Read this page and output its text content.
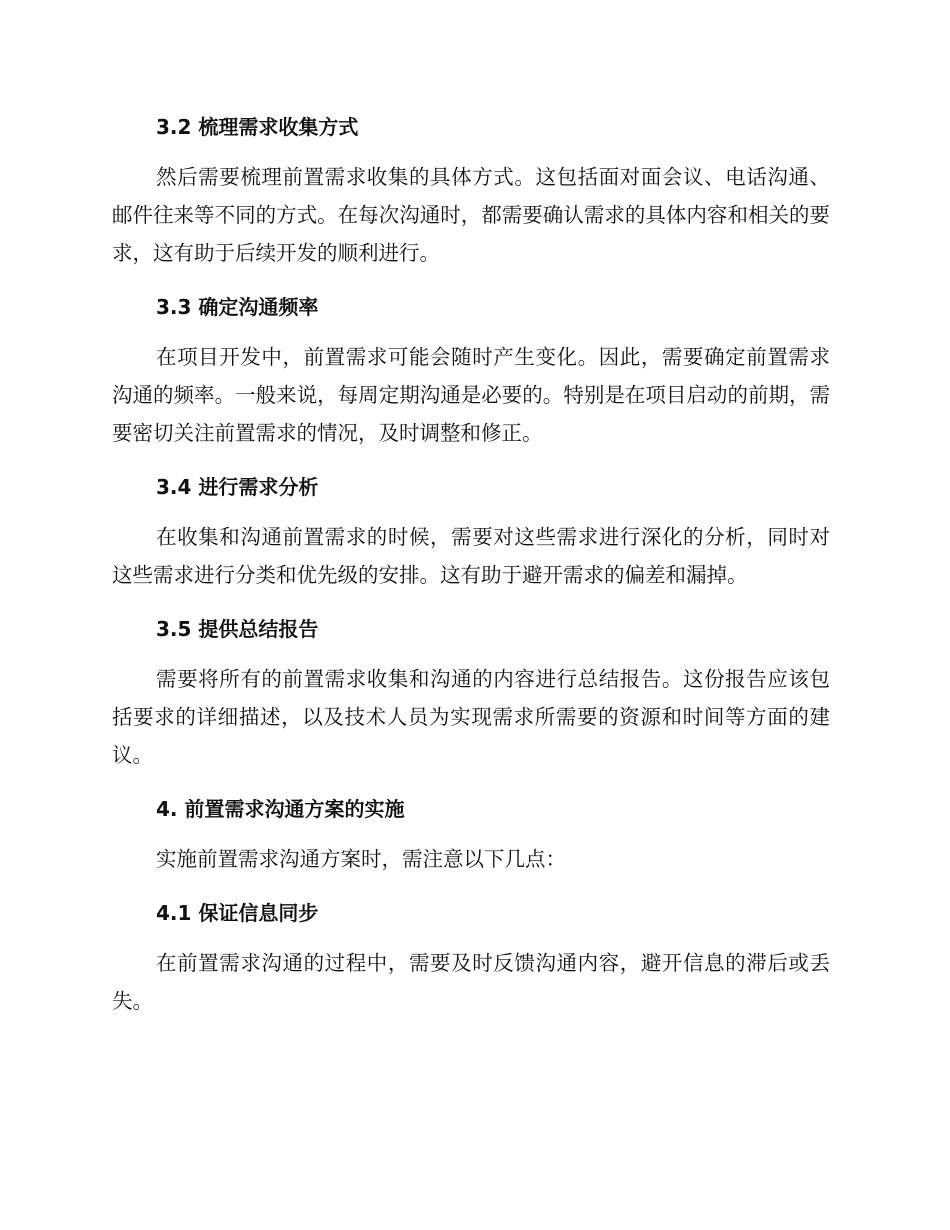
3.2 梳理需求收集方式

然后需要梳理前置需求收集的具体方式。这包括面对面会议、电话沟通、邮件往来等不同的方式。在每次沟通时，都需要确认需求的具体内容和相关的要求，这有助于后续开发的顺利进行。

3.3 确定沟通频率

在项目开发中，前置需求可能会随时产生变化。因此，需要确定前置需求沟通的频率。一般来说，每周定期沟通是必要的。特别是在项目启动的前期，需要密切关注前置需求的情况，及时调整和修正。

3.4 进行需求分析

在收集和沟通前置需求的时候，需要对这些需求进行深化的分析，同时对这些需求进行分类和优先级的安排。这有助于避开需求的偏差和漏掉。

3.5 提供总结报告

需要将所有的前置需求收集和沟通的内容进行总结报告。这份报告应该包括要求的详细描述，以及技术人员为实现需求所需要的资源和时间等方面的建议。

4. 前置需求沟通方案的实施

实施前置需求沟通方案时，需注意以下几点：

4.1 保证信息同步

在前置需求沟通的过程中，需要及时反馈沟通内容，避开信息的滞后或丢失。
